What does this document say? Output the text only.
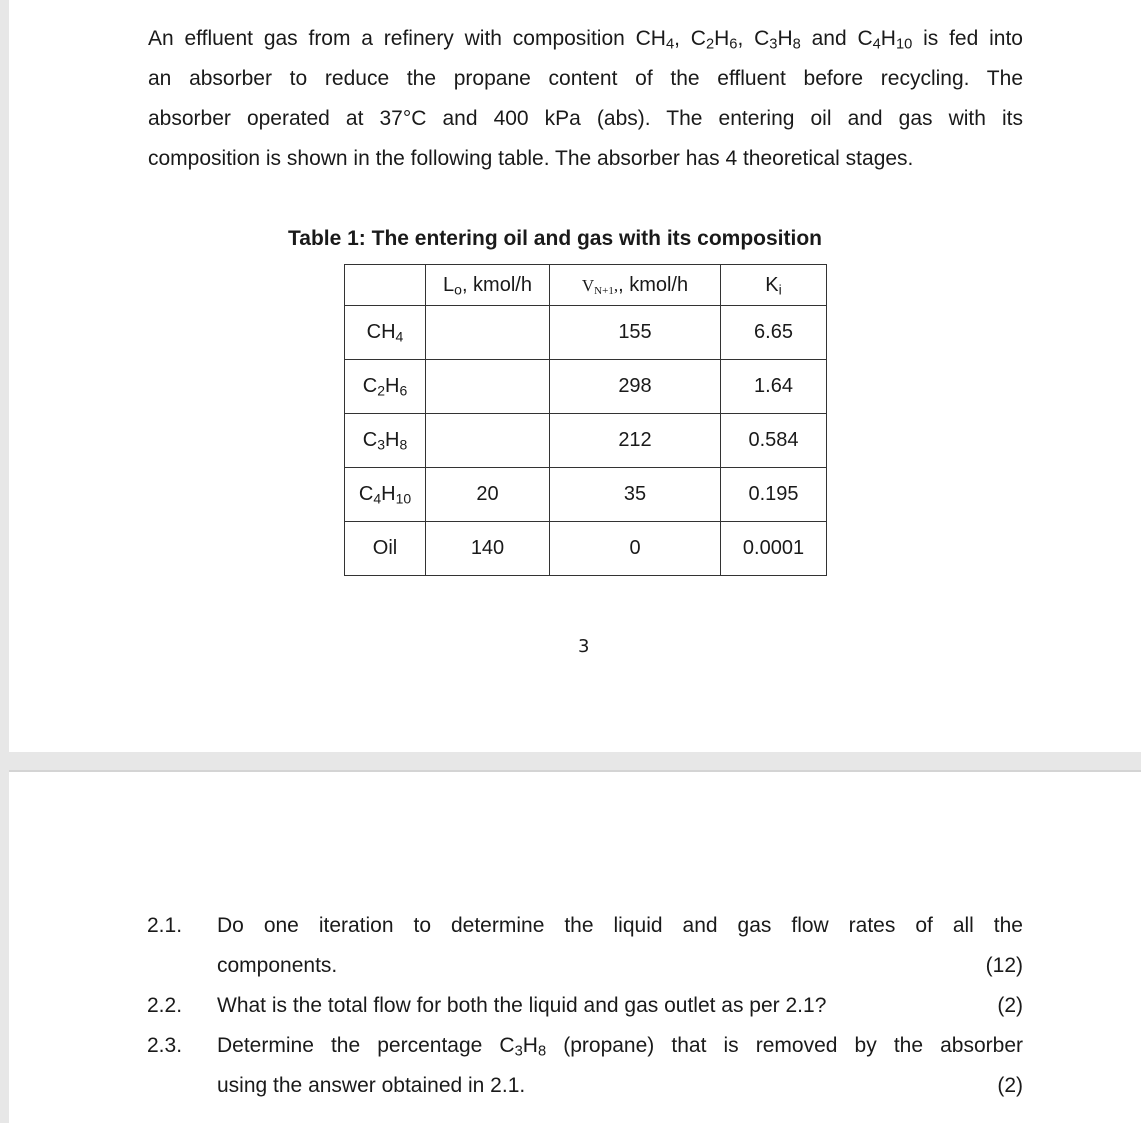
An effluent gas from a refinery with composition $CH_4$, $C_2H_6$, $C_3H_8$ and $C_4H_{10}$ is fed into
an absorber to reduce the propane content of the effluent before recycling. The
absorber operated at 37°C and 400 kPa (abs). The entering oil and gas with its
composition is shown in the following table. The absorber has 4 theoretical stages.
Table 1: The entering oil and gas with its composition
	$L_o$, kmol/h	$V_{N+1}$,, kmol/h	$K_i$
$CH_4$		155	6.65
$C_2H_6$		298	1.64
$C_3H_8$		212	0.584
$C_4H_{10}$	20	35	0.195
Oil	140	0	0.0001
3
2.1. Do one iteration to determine the liquid and gas flow rates of all the
components.	(12)
2.2. What is the total flow for both the liquid and gas outlet as per 2.1?	(2)
2.3. Determine the percentage $C_3H_8$ (propane) that is removed by the absorber
using the answer obtained in 2.1.	(2)
